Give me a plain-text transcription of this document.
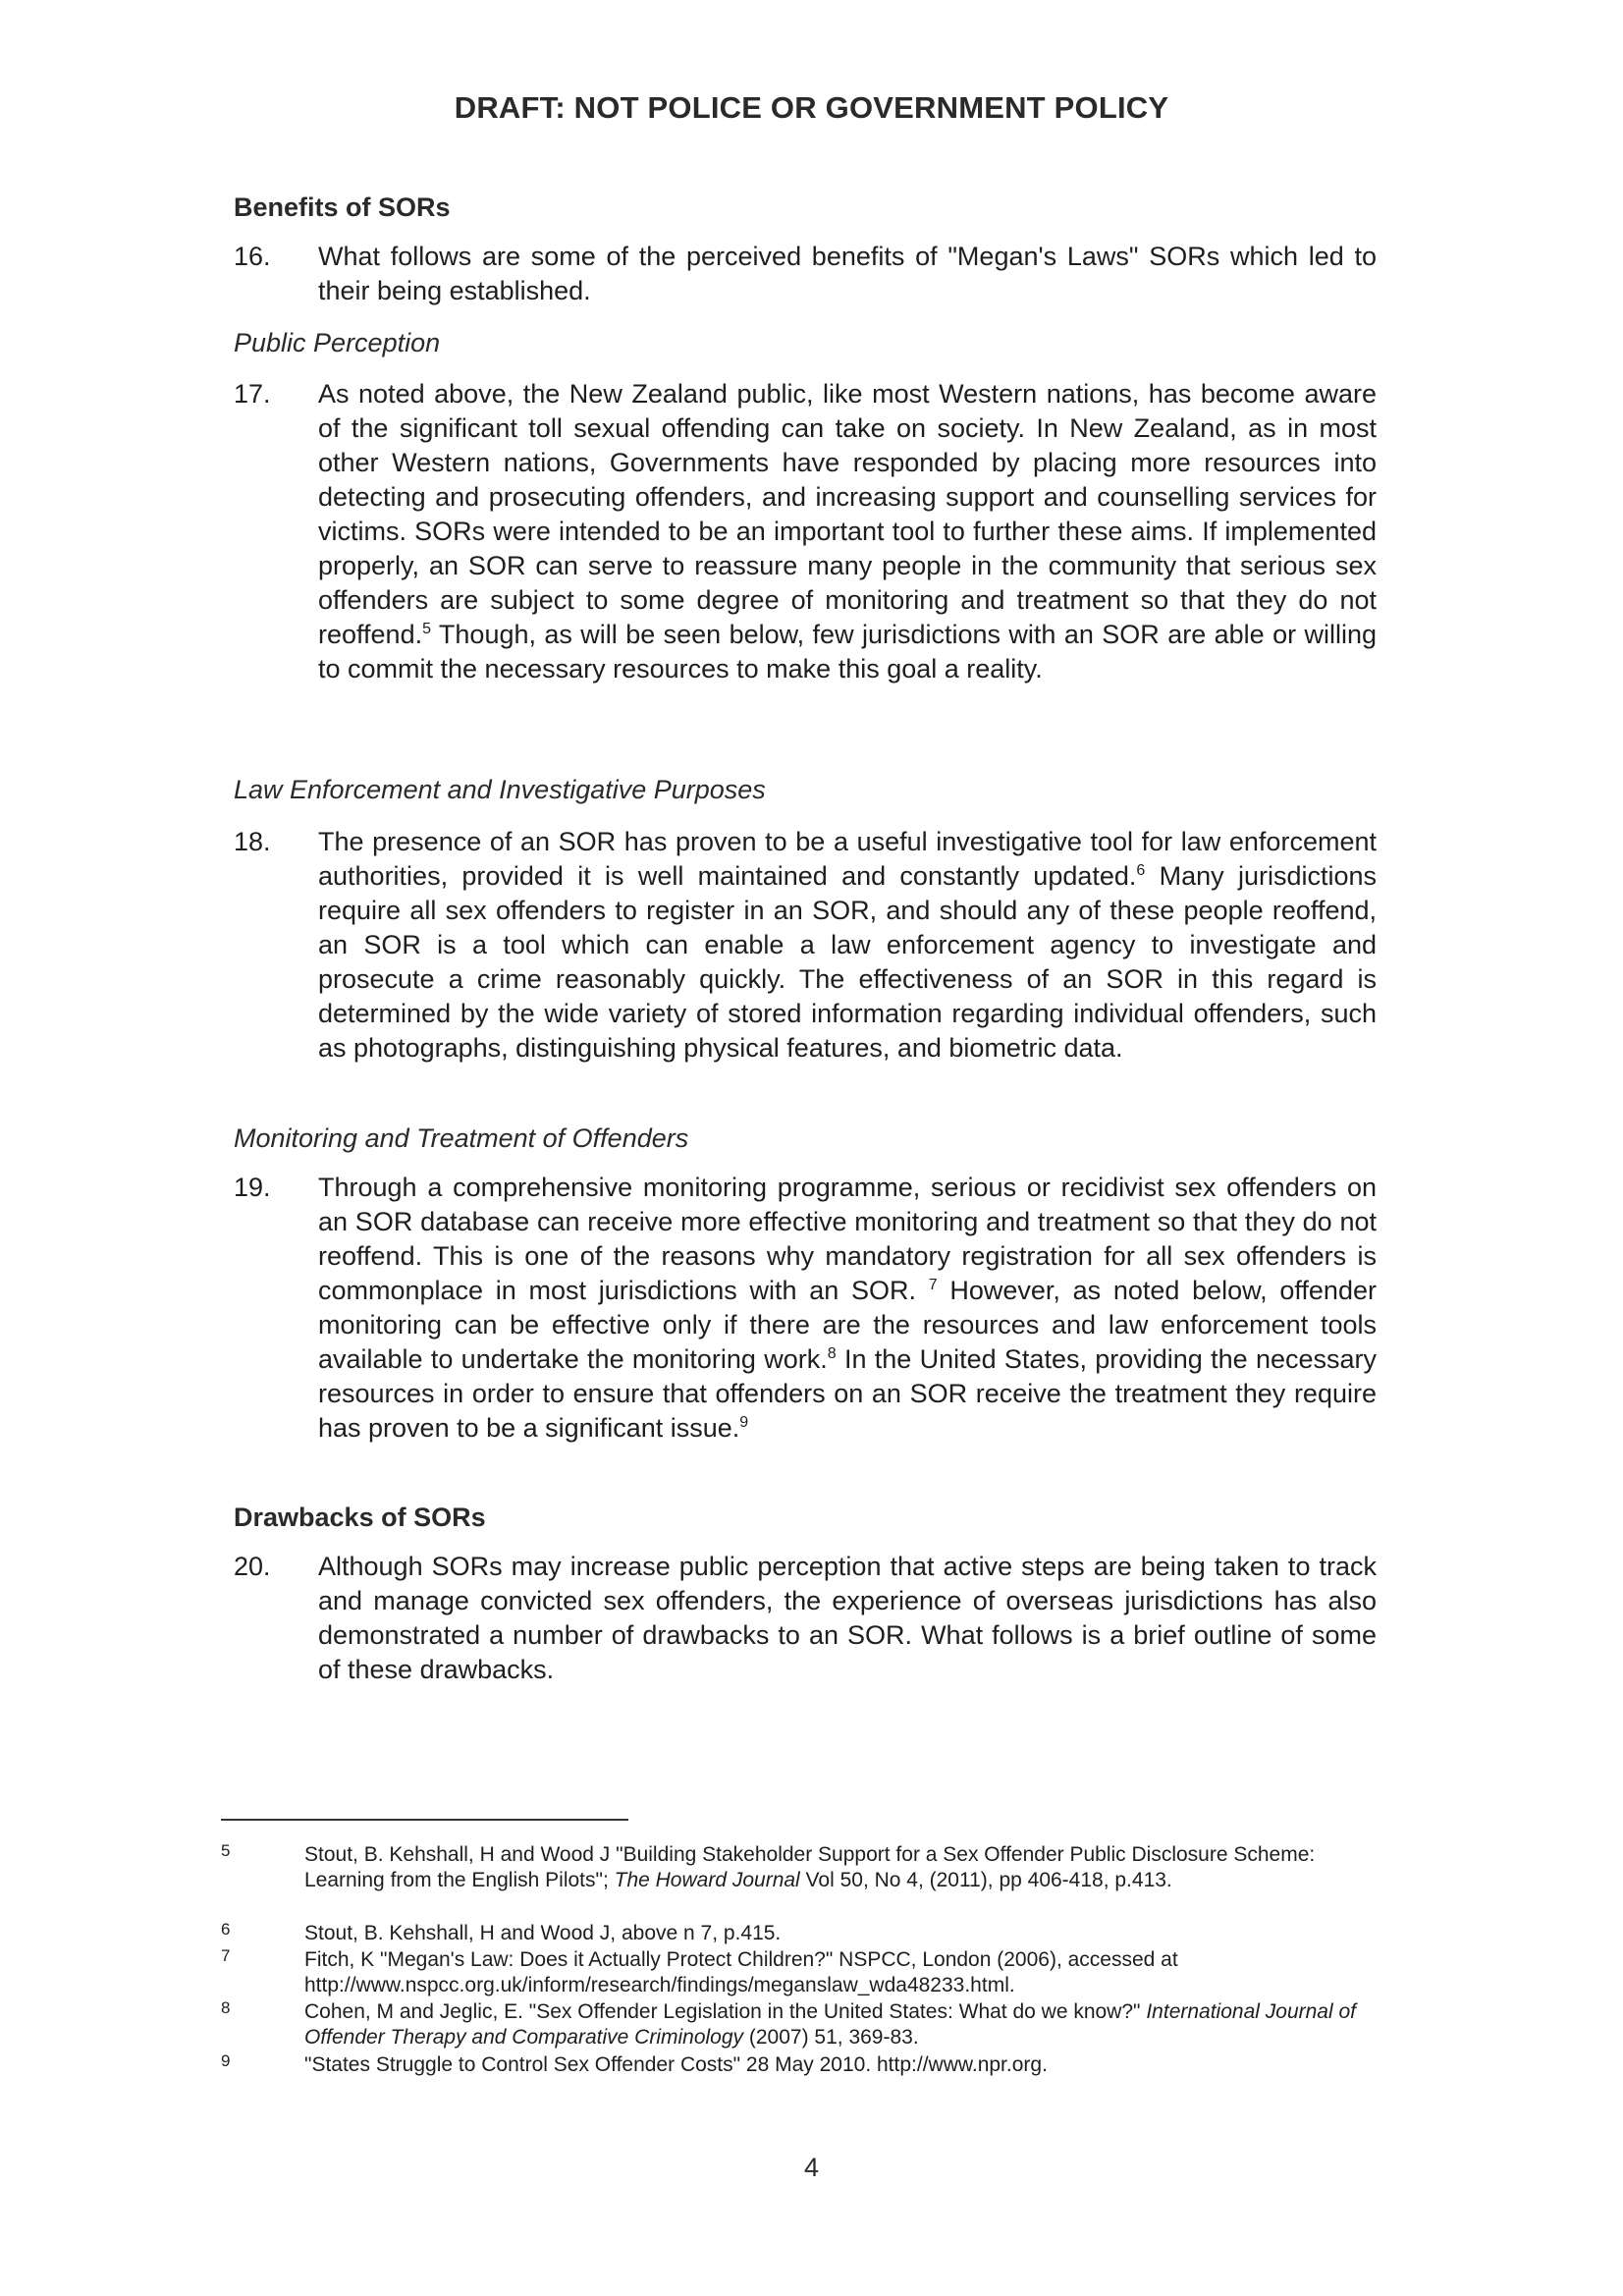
DRAFT: NOT POLICE OR GOVERNMENT POLICY
Benefits of SORs
16. What follows are some of the perceived benefits of "Megan's Laws" SORs which led to their being established.
Public Perception
17. As noted above, the New Zealand public, like most Western nations, has become aware of the significant toll sexual offending can take on society. In New Zealand, as in most other Western nations, Governments have responded by placing more resources into detecting and prosecuting offenders, and increasing support and counselling services for victims. SORs were intended to be an important tool to further these aims. If implemented properly, an SOR can serve to reassure many people in the community that serious sex offenders are subject to some degree of monitoring and treatment so that they do not reoffend.$^5$ Though, as will be seen below, few jurisdictions with an SOR are able or willing to commit the necessary resources to make this goal a reality.
Law Enforcement and Investigative Purposes
18. The presence of an SOR has proven to be a useful investigative tool for law enforcement authorities, provided it is well maintained and constantly updated.$^6$ Many jurisdictions require all sex offenders to register in an SOR, and should any of these people reoffend, an SOR is a tool which can enable a law enforcement agency to investigate and prosecute a crime reasonably quickly. The effectiveness of an SOR in this regard is determined by the wide variety of stored information regarding individual offenders, such as photographs, distinguishing physical features, and biometric data.
Monitoring and Treatment of Offenders
19. Through a comprehensive monitoring programme, serious or recidivist sex offenders on an SOR database can receive more effective monitoring and treatment so that they do not reoffend. This is one of the reasons why mandatory registration for all sex offenders is commonplace in most jurisdictions with an SOR. $^7$ However, as noted below, offender monitoring can be effective only if there are the resources and law enforcement tools available to undertake the monitoring work.$^8$ In the United States, providing the necessary resources in order to ensure that offenders on an SOR receive the treatment they require has proven to be a significant issue.$^9$
Drawbacks of SORs
20. Although SORs may increase public perception that active steps are being taken to track and manage convicted sex offenders, the experience of overseas jurisdictions has also demonstrated a number of drawbacks to an SOR. What follows is a brief outline of some of these drawbacks.
5	Stout, B. Kehshall, H and Wood J "Building Stakeholder Support for a Sex Offender Public Disclosure Scheme: Learning from the English Pilots"; The Howard Journal Vol 50, No 4, (2011), pp 406-418, p.413.
6	Stout, B. Kehshall, H and Wood J, above n 7, p.415.
7	Fitch, K "Megan's Law: Does it Actually Protect Children?" NSPCC, London (2006), accessed at http://www.nspcc.org.uk/inform/research/findings/meganslaw_wda48233.html.
8	Cohen, M and Jeglic, E. "Sex Offender Legislation in the United States: What do we know?" International Journal of Offender Therapy and Comparative Criminology (2007) 51, 369-83.
9	"States Struggle to Control Sex Offender Costs" 28 May 2010. http://www.npr.org.
4
